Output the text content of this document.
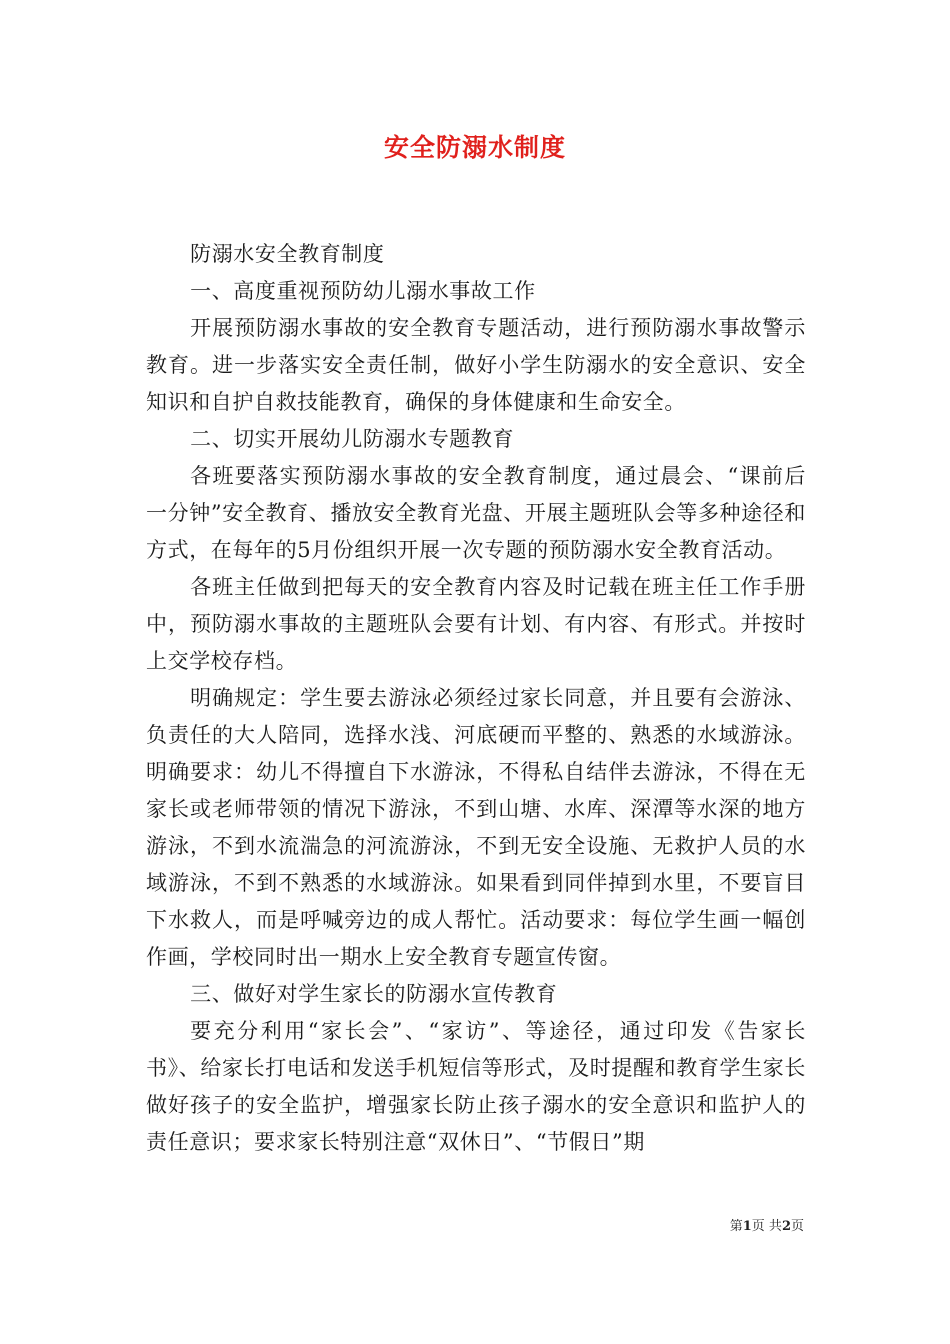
安全防溺水制度

防溺水安全教育制度

一、高度重视预防幼儿溺水事故工作

开展预防溺水事故的安全教育专题活动，进行预防溺水事故警示教育。进一步落实安全责任制，做好小学生防溺水的安全意识、安全知识和自护自救技能教育，确保的身体健康和生命安全。

二、切实开展幼儿防溺水专题教育

各班要落实预防溺水事故的安全教育制度，通过晨会、“课前后一分钟”安全教育、播放安全教育光盘、开展主题班队会等多种途径和方式，在每年的5月份组织开展一次专题的预防溺水安全教育活动。

各班主任做到把每天的安全教育内容及时记载在班主任工作手册中，预防溺水事故的主题班队会要有计划、有内容、有形式。并按时上交学校存档。

明确规定：学生要去游泳必须经过家长同意，并且要有会游泳、负责任的大人陪同，选择水浅、河底硬而平整的、熟悉的水域游泳。明确要求：幼儿不得擅自下水游泳，不得私自结伴去游泳，不得在无家长或老师带领的情况下游泳，不到山塘、水库、深潭等水深的地方游泳，不到水流湍急的河流游泳，不到无安全设施、无救护人员的水域游泳，不到不熟悉的水域游泳。如果看到同伴掉到水里，不要盲目下水救人，而是呼喊旁边的成人帮忙。活动要求：每位学生画一幅创作画，学校同时出一期水上安全教育专题宣传窗。

三、做好对学生家长的防溺水宣传教育

要充分利用“家长会”、“家访”、等途径，通过印发《告家长书》、给家长打电话和发送手机短信等形式，及时提醒和教育学生家长做好孩子的安全监护，增强家长防止孩子溺水的安全意识和监护人的责任意识；要求家长特别注意“双休日”、“节假日”期

第1页 共2页
